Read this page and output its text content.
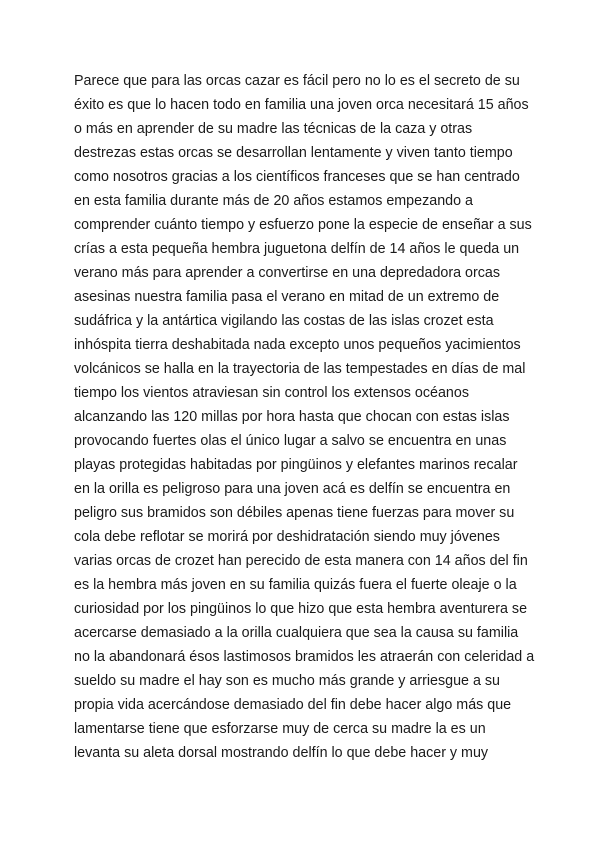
Parece que para las orcas cazar es fácil pero no lo es el secreto de su
éxito es que lo hacen todo en familia una joven orca necesitará 15 años
o más en aprender de su madre las técnicas de la caza y otras
destrezas estas orcas se desarrollan lentamente y viven tanto tiempo
como nosotros gracias a los científicos franceses que se han centrado
en esta familia durante más de 20 años estamos empezando a
comprender cuánto tiempo y esfuerzo pone la especie de enseñar a sus
crías a esta pequeña hembra juguetona delfín de 14 años le queda un
verano más para aprender a convertirse en una depredadora orcas
asesinas nuestra familia pasa el verano en mitad de un extremo de
sudáfrica y la antártica vigilando las costas de las islas crozet esta
inhóspita tierra deshabitada nada excepto unos pequeños yacimientos
volcánicos se halla en la trayectoria de las tempestades en días de mal
tiempo los vientos atraviesan sin control los extensos océanos
alcanzando las 120 millas por hora hasta que chocan con estas islas
provocando fuertes olas el único lugar a salvo se encuentra en unas
playas protegidas habitadas por pingüinos y elefantes marinos recalar
en la orilla es peligroso para una joven acá es delfín se encuentra en
peligro sus bramidos son débiles apenas tiene fuerzas para mover su
cola debe reflotar se morirá por deshidratación siendo muy jóvenes
varias orcas de crozet han perecido de esta manera con 14 años del fin
es la hembra más joven en su familia quizás fuera el fuerte oleaje o la
curiosidad por los pingüinos lo que hizo que esta hembra aventurera se
acercarse demasiado a la orilla cualquiera que sea la causa su familia
no la abandonará ésos lastimosos bramidos les atraerán con celeridad a
sueldo su madre el hay son es mucho más grande y arriesgue a su
propia vida acercándose demasiado del fin debe hacer algo más que
lamentarse tiene que esforzarse muy de cerca su madre la es un
levanta su aleta dorsal mostrando delfín lo que debe hacer y muy
